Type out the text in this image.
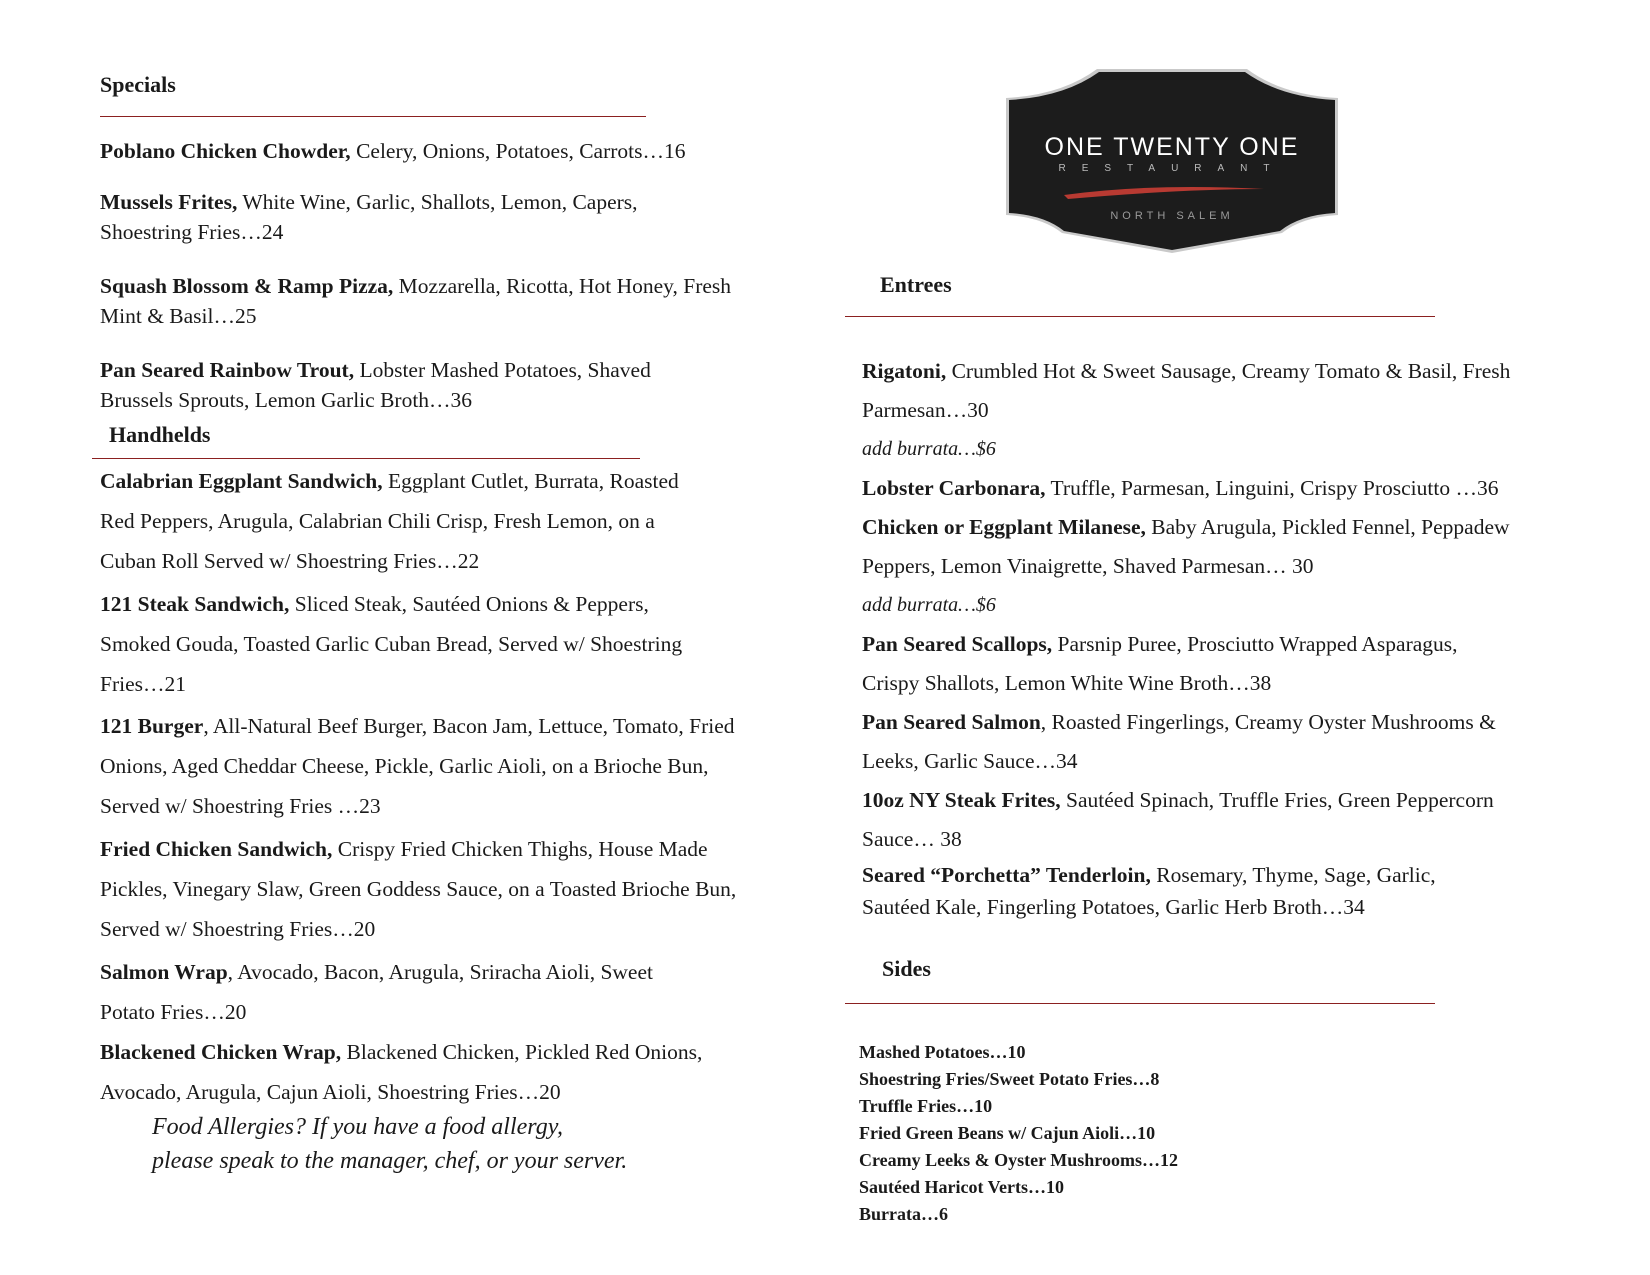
Specials
Poblano Chicken Chowder, Celery, Onions, Potatoes, Carrots…16
Mussels Frites, White Wine, Garlic, Shallots, Lemon, Capers, Shoestring Fries…24
Squash Blossom & Ramp Pizza, Mozzarella, Ricotta, Hot Honey, Fresh Mint & Basil…25
Pan Seared Rainbow Trout, Lobster Mashed Potatoes, Shaved Brussels Sprouts, Lemon Garlic Broth…36
Handhelds
Calabrian Eggplant Sandwich, Eggplant Cutlet, Burrata, Roasted Red Peppers, Arugula, Calabrian Chili Crisp, Fresh Lemon, on a Cuban Roll Served w/ Shoestring Fries…22
121 Steak Sandwich, Sliced Steak, Sautéed Onions & Peppers, Smoked Gouda, Toasted Garlic Cuban Bread, Served w/ Shoestring Fries…21
121 Burger, All-Natural Beef Burger, Bacon Jam, Lettuce, Tomato, Fried Onions, Aged Cheddar Cheese, Pickle, Garlic Aioli, on a Brioche Bun, Served w/ Shoestring Fries …23
Fried Chicken Sandwich, Crispy Fried Chicken Thighs, House Made Pickles, Vinegary Slaw, Green Goddess Sauce, on a Toasted Brioche Bun, Served w/ Shoestring Fries…20
Salmon Wrap, Avocado, Bacon, Arugula, Sriracha Aioli, Sweet Potato Fries…20
Blackened Chicken Wrap, Blackened Chicken, Pickled Red Onions, Avocado, Arugula, Cajun Aioli, Shoestring Fries…20
Food Allergies? If you have a food allergy,
please speak to the manager, chef, or your server.
ONE TWENTY ONE
RESTAURANT
NORTH SALEM
Entrees
Rigatoni, Crumbled Hot & Sweet Sausage, Creamy Tomato & Basil, Fresh Parmesan…30
add burrata…$6
Lobster Carbonara, Truffle, Parmesan, Linguini, Crispy Prosciutto …36
Chicken or Eggplant Milanese, Baby Arugula, Pickled Fennel, Peppadew Peppers, Lemon Vinaigrette, Shaved Parmesan… 30
add burrata…$6
Pan Seared Scallops, Parsnip Puree, Prosciutto Wrapped Asparagus, Crispy Shallots, Lemon White Wine Broth…38
Pan Seared Salmon, Roasted Fingerlings, Creamy Oyster Mushrooms & Leeks, Garlic Sauce…34
10oz NY Steak Frites, Sautéed Spinach, Truffle Fries, Green Peppercorn Sauce… 38
Seared “Porchetta” Tenderloin, Rosemary, Thyme, Sage, Garlic, Sautéed Kale, Fingerling Potatoes, Garlic Herb Broth…34
Sides
Mashed Potatoes…10
Shoestring Fries/Sweet Potato Fries…8
Truffle Fries…10
Fried Green Beans w/ Cajun Aioli…10
Creamy Leeks & Oyster Mushrooms…12
Sautéed Haricot Verts…10
Burrata…6
